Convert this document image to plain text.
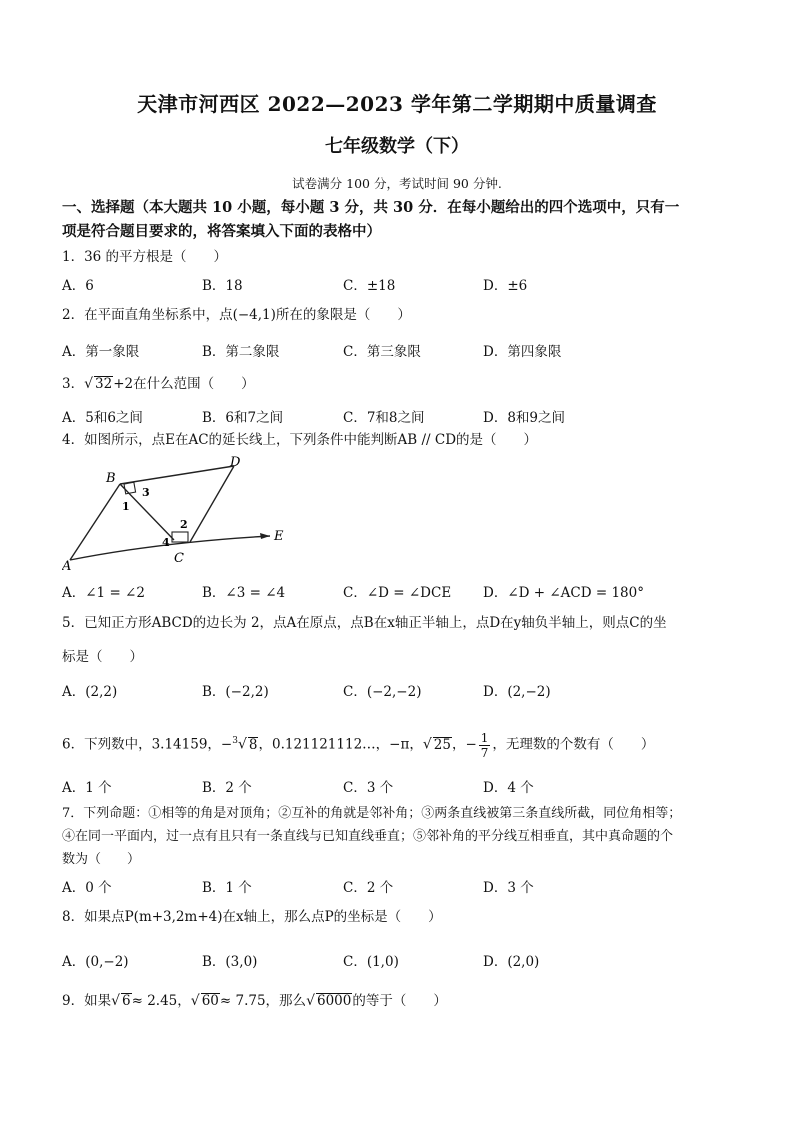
天津市河西区 2022—2023 学年第二学期期中质量调查
七年级数学（下）
试卷满分 100 分，考试时间 90 分钟.
一、选择题（本大题共 10 小题，每小题 3 分，共 30 分．在每小题给出的四个选项中，只有一
项是符合题目要求的，将答案填入下面的表格中）
1．36 的平方根是（　　）
A．6	B．18	C．±18	D．±6
2．在平面直角坐标系中，点(−4,1)所在的象限是（　　）
A．第一象限	B．第二象限	C．第三象限	D．第四象限
3．√ 32+2在什么范围（　　）
A．5和6之间	B．6和7之间	C．7和8之间	D．8和9之间
4．如图所示，点E在AC的延长线上，下列条件中能判断AB // CD的是（　　）
A
B
C
D
E
1
2
3
4
A．∠1 = ∠2	B．∠3 = ∠4	C．∠D = ∠DCE D．∠D + ∠ACD = 180°
5．已知正方形ABCD的边长为 2，点A在原点，点B在x轴正半轴上，点D在y轴负半轴上，则点C的坐
标是（　　）
A．(2,2)	B．(−2,2)	C．(−2,−2)	D．(2,−2)
6．下列数中，3.14159，−$^3$√ 8，0.121121112…，−π，√ 25，− $\frac{1}{7}$ ，无理数的个数有（　　）
A．1 个	B．2 个	C．3 个	D．4 个
7．下列命题：①相等的角是对顶角；②互补的角就是邻补角；③两条直线被第三条直线所截，同位角相等；
④在同一平面内，过一点有且只有一条直线与已知直线垂直；⑤邻补角的平分线互相垂直，其中真命题的个
数为（　　）
A．0 个	B．1 个	C．2 个	D．3 个
8．如果点P(m+3,2m+4)在x轴上，那么点P的坐标是（　　）
A．(0,−2)	B．(3,0)	C．(1,0)	D．(2,0)
9．如果√ 6≈ 2.45，√ 60≈ 7.75，那么√ 6000的等于（　　）
